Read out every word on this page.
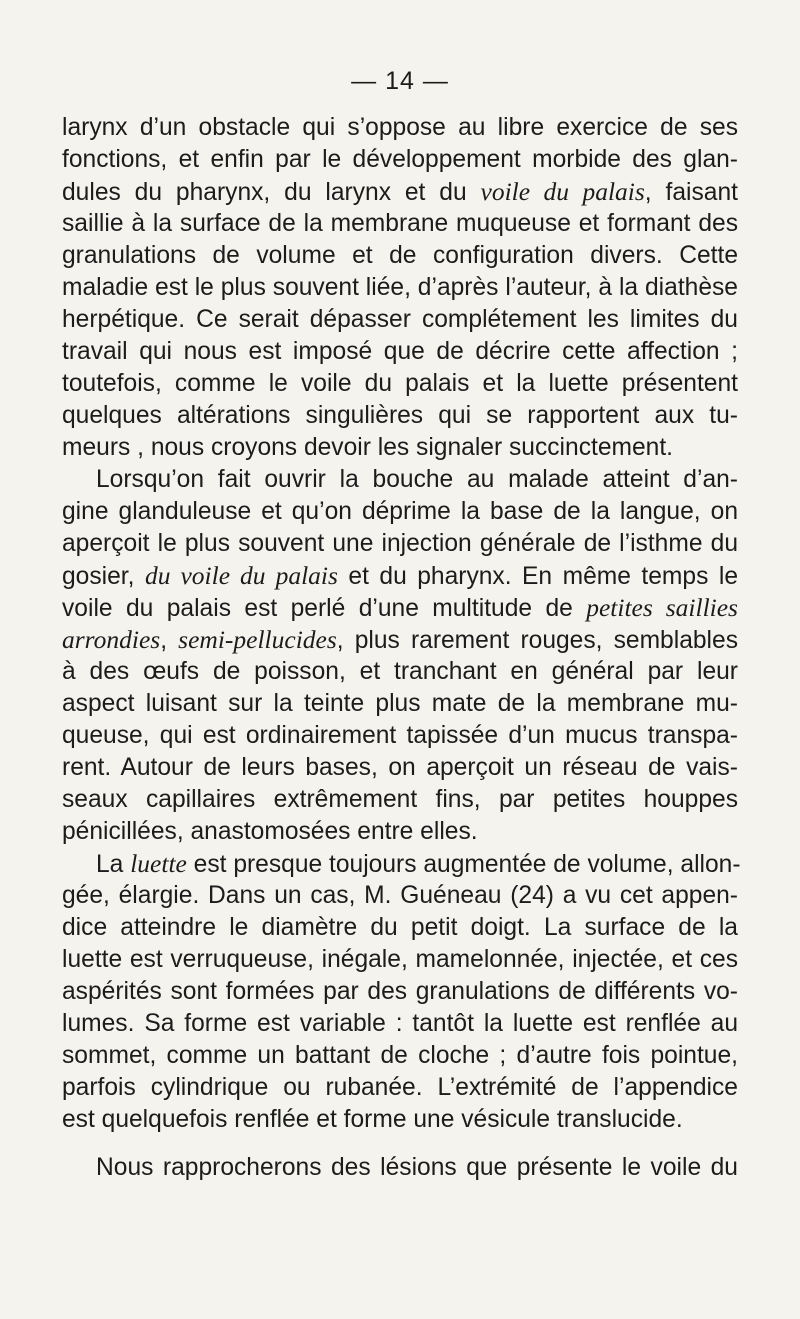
— 14 —
larynx d’un obstacle qui s’oppose au libre exercice de ses
fonctions, et enfin par le développement morbide des glan-
dules du pharynx, du larynx et du voile du palais, faisant
saillie à la surface de la membrane muqueuse et formant des
granulations de volume et de configuration divers. Cette
maladie est le plus souvent liée, d’après l’auteur, à la diathèse
herpétique. Ce serait dépasser complétement les limites du
travail qui nous est imposé que de décrire cette affection ;
toutefois, comme le voile du palais et la luette présentent
quelques altérations singulières qui se rapportent aux tu-
meurs , nous croyons devoir les signaler succinctement.
Lorsqu’on fait ouvrir la bouche au malade atteint d’an-
gine glanduleuse et qu’on déprime la base de la langue, on
aperçoit le plus souvent une injection générale de l’isthme du
gosier, du voile du palais et du pharynx. En même temps le
voile du palais est perlé d’une multitude de petites saillies
arrondies, semi-pellucides, plus rarement rouges, semblables
à des œufs de poisson, et tranchant en général par leur
aspect luisant sur la teinte plus mate de la membrane mu-
queuse, qui est ordinairement tapissée d’un mucus transpa-
rent. Autour de leurs bases, on aperçoit un réseau de vais-
seaux capillaires extrêmement fins, par petites houppes
pénicillées, anastomosées entre elles.
La luette est presque toujours augmentée de volume, allon-
gée, élargie. Dans un cas, M. Guéneau (24) a vu cet appen-
dice atteindre le diamètre du petit doigt. La surface de la
luette est verruqueuse, inégale, mamelonnée, injectée, et ces
aspérités sont formées par des granulations de différents vo-
lumes. Sa forme est variable : tantôt la luette est renflée au
sommet, comme un battant de cloche ; d’autre fois pointue,
parfois cylindrique ou rubanée. L’extrémité de l’appendice
est quelquefois renflée et forme une vésicule translucide.
Nous rapprocherons des lésions que présente le voile du
